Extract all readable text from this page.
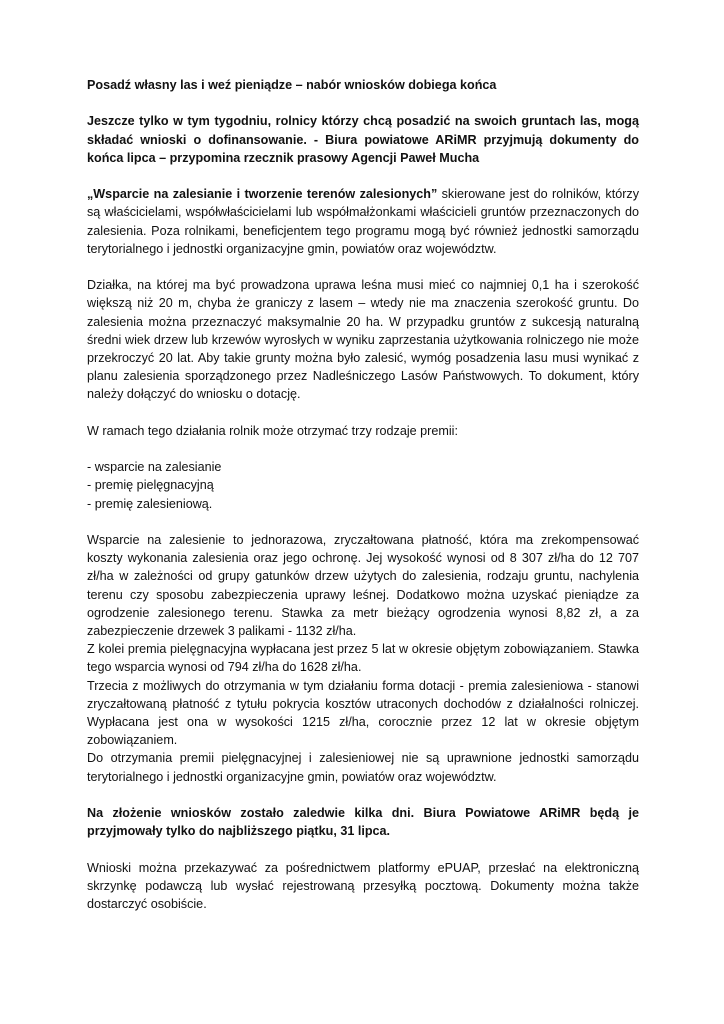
Posadź własny las i weź pieniądze – nabór wniosków dobiega końca

Jeszcze tylko w tym tygodniu, rolnicy którzy chcą posadzić na swoich gruntach las, mogą składać wnioski o dofinansowanie. - Biura powiatowe ARiMR przyjmują dokumenty do końca lipca – przypomina rzecznik prasowy Agencji Paweł Mucha

„Wsparcie na zalesianie i tworzenie terenów zalesionych” skierowane jest do rolników, którzy są właścicielami, współwłaścicielami lub współmałżonkami właścicieli gruntów przeznaczonych do zalesienia. Poza rolnikami, beneficjentem tego programu mogą być również jednostki samorządu terytorialnego i jednostki organizacyjne gmin, powiatów oraz województw.

Działka, na której ma być prowadzona uprawa leśna musi mieć co najmniej 0,1 ha i szerokość większą niż 20 m, chyba że graniczy z lasem – wtedy nie ma znaczenia szerokość gruntu. Do zalesienia można przeznaczyć maksymalnie 20 ha. W przypadku gruntów z sukcesją naturalną średni wiek drzew lub krzewów wyrosłych w wyniku zaprzestania użytkowania rolniczego nie może przekroczyć 20 lat. Aby takie grunty można było zalesić, wymóg posadzenia lasu musi wynikać z planu zalesienia sporządzonego przez Nadleśniczego Lasów Państwowych. To dokument, który należy dołączyć do wniosku o dotację.

W ramach tego działania rolnik może otrzymać trzy rodzaje premii:

- wsparcie na zalesianie

- premię pielęgnacyjną

- premię zalesieniową.

Wsparcie na zalesienie to jednorazowa, zryczałtowana płatność, która ma zrekompensować koszty wykonania zalesienia oraz jego ochronę. Jej wysokość wynosi od 8 307 zł/ha do 12 707 zł/ha w zależności od grupy gatunków drzew użytych do zalesienia, rodzaju gruntu, nachylenia terenu czy sposobu zabezpieczenia uprawy leśnej. Dodatkowo można uzyskać pieniądze za ogrodzenie zalesionego terenu. Stawka za metr bieżący ogrodzenia wynosi 8,82 zł, a za zabezpieczenie drzewek 3 palikami - 1132 zł/ha.

Z kolei premia pielęgnacyjna wypłacana jest przez 5 lat w okresie objętym zobowiązaniem. Stawka tego wsparcia wynosi od 794 zł/ha do 1628 zł/ha.

Trzecia z możliwych do otrzymania w tym działaniu forma dotacji - premia zalesieniowa - stanowi zryczałtowaną płatność z tytułu pokrycia kosztów utraconych dochodów z działalności rolniczej. Wypłacana jest ona w wysokości 1215 zł/ha, corocznie przez 12 lat w okresie objętym zobowiązaniem.

Do otrzymania premii pielęgnacyjnej i zalesieniowej nie są uprawnione jednostki samorządu terytorialnego i jednostki organizacyjne gmin, powiatów oraz województw.

Na złożenie wniosków zostało zaledwie kilka dni. Biura Powiatowe ARiMR będą je przyjmowały tylko do najbliższego piątku, 31 lipca.

Wnioski można przekazywać za pośrednictwem platformy ePUAP, przesłać na elektroniczną skrzynkę podawczą lub wysłać rejestrowaną przesyłką pocztową. Dokumenty można także dostarczyć osobiście.
